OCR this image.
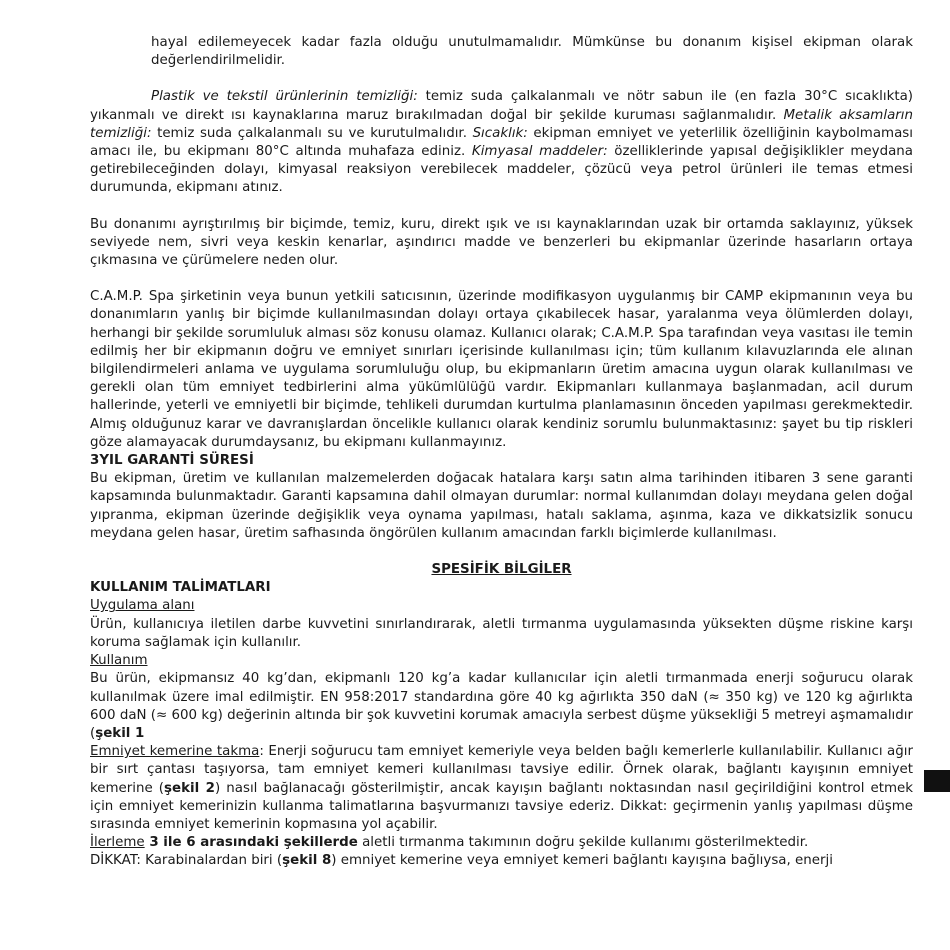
hayal edilemeyecek kadar fazla olduğu unutulmamalıdır. Mümkünse bu donanım kişisel ekipman olarak değerlendirilmelidir.

Plastik ve tekstil ürünlerinin temizliği: temiz suda çalkalanmalı ve nötr sabun ile (en fazla 30°C sıcaklıkta) yıkanmalı ve direkt ısı kaynaklarına maruz bırakılmadan doğal bir şekilde kuruması sağlanmalıdır. Metalik aksamların temizliği: temiz suda çalkalanmalı su ve kurutulmalıdır. Sıcaklık: ekipman emniyet ve yeterlilik özelliğinin kaybolmaması amacı ile, bu ekipmanı 80°C altında muhafaza ediniz. Kimyasal maddeler: özelliklerinde yapısal değişiklikler meydana getirebileceğinden dolayı, kimyasal reaksiyon verebilecek maddeler, çözücü veya petrol ürünleri ile temas etmesi durumunda, ekipmanı atınız.

Bu donanımı ayrıştırılmış bir biçimde, temiz, kuru, direkt ışık ve ısı kaynaklarından uzak bir ortamda saklayınız, yüksek seviyede nem, sivri veya keskin kenarlar, aşındırıcı madde ve benzerleri bu ekipmanlar üzerinde hasarların ortaya çıkmasına ve çürümelere neden olur.

C.A.M.P. Spa şirketinin veya bunun yetkili satıcısının, üzerinde modifikasyon uygulanmış bir CAMP ekipmanının veya bu donanımların yanlış bir biçimde kullanılmasından dolayı ortaya çıkabilecek hasar, yaralanma veya ölümlerden dolayı, herhangi bir şekilde sorumluluk alması söz konusu olamaz. Kullanıcı olarak; C.A.M.P. Spa tarafından veya vasıtası ile temin edilmiş her bir ekipmanın doğru ve emniyet sınırları içerisinde kullanılması için; tüm kullanım kılavuzlarında ele alınan bilgilendirmeleri anlama ve uygulama sorumluluğu olup, bu ekipmanların üretim amacına uygun olarak kullanılması ve gerekli olan tüm emniyet tedbirlerini alma yükümlülüğü vardır. Ekipmanları kullanmaya başlanmadan, acil durum hallerinde, yeterli ve emniyetli bir biçimde, tehlikeli durumdan kurtulma planlamasının önceden yapılması gerekmektedir. Almış olduğunuz karar ve davranışlardan öncelikle kullanıcı olarak kendiniz sorumlu bulunmaktasınız: şayet bu tip riskleri göze alamayacak durumdaysanız, bu ekipmanı kullanmayınız.

3YIL GARANTİ SÜRESİ

Bu ekipman, üretim ve kullanılan malzemelerden doğacak hatalara karşı satın alma tarihinden itibaren 3 sene garanti kapsamında bulunmaktadır. Garanti kapsamına dahil olmayan durumlar: normal kullanımdan dolayı meydana gelen doğal yıpranma, ekipman üzerinde değişiklik veya oynama yapılması, hatalı saklama, aşınma, kaza ve dikkatsizlik sonucu meydana gelen hasar, üretim safhasında öngörülen kullanım amacından farklı biçimlerde kullanılması.

SPESİFİK BİLGİLER

KULLANIM TALİMATLARI

Uygulama alanı

Ürün, kullanıcıya iletilen darbe kuvvetini sınırlandırarak, aletli tırmanma uygulamasında yüksekten düşme riskine karşı koruma sağlamak için kullanılır.

Kullanım

Bu ürün, ekipmansız 40 kg’dan, ekipmanlı 120 kg’a kadar kullanıcılar için aletli tırmanmada enerji soğurucu olarak kullanılmak üzere imal edilmiştir. EN 958:2017 standardına göre 40 kg ağırlıkta 350 daN (≈ 350 kg) ve 120 kg ağırlıkta 600 daN (≈ 600 kg) değerinin altında bir şok kuvvetini korumak amacıyla serbest düşme yüksekliği 5 metreyi aşmamalıdır (şekil 1

Emniyet kemerine takma: Enerji soğurucu tam emniyet kemeriyle veya belden bağlı kemerlerle kullanılabilir. Kullanıcı ağır bir sırt çantası taşıyorsa, tam emniyet kemeri kullanılması tavsiye edilir. Örnek olarak, bağlantı kayışının emniyet kemerine (şekil 2) nasıl bağlanacağı gösterilmiştir, ancak kayışın bağlantı noktasından nasıl geçirildiğini kontrol etmek için emniyet kemerinizin kullanma talimatlarına başvurmanızı tavsiye ederiz. Dikkat: geçirmenin yanlış yapılması düşme sırasında emniyet kemerinin kopmasına yol açabilir.

İlerleme 3 ile 6 arasındaki şekillerde aletli tırmanma takımının doğru şekilde kullanımı gösterilmektedir.

DİKKAT: Karabinalardan biri (şekil 8) emniyet kemerine veya emniyet kemeri bağlantı kayışına bağlıysa, enerji
